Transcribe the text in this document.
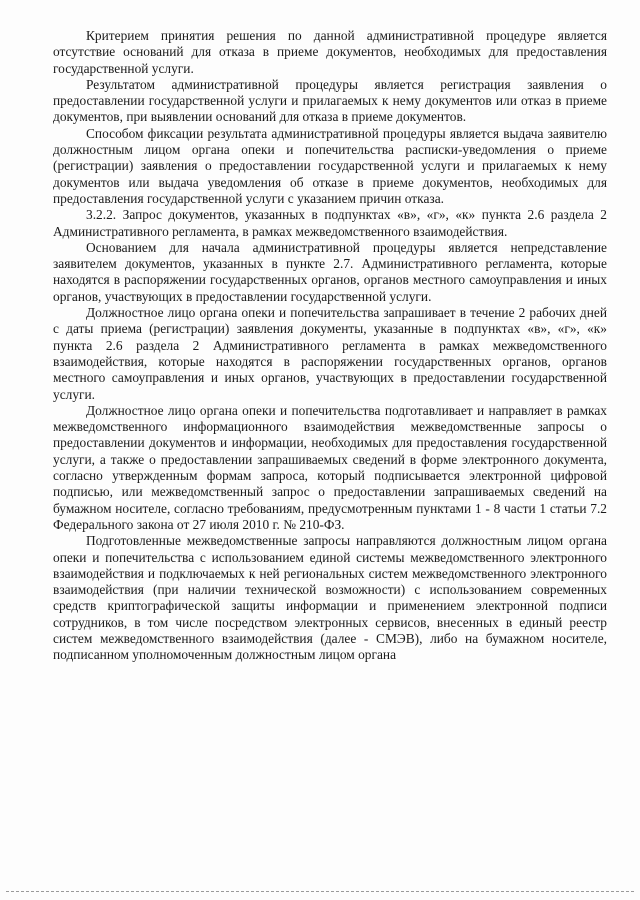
Критерием принятия решения по данной административной процедуре является отсутствие оснований для отказа в приеме документов, необходимых для предоставления государственной услуги.

Результатом административной процедуры является регистрация заявления о предоставлении государственной услуги и прилагаемых к нему документов или отказ в приеме документов, при выявлении оснований для отказа в приеме документов.

Способом фиксации результата административной процедуры является выдача заявителю должностным лицом органа опеки и попечительства расписки-уведомления о приеме (регистрации) заявления о предоставлении государственной услуги и прилагаемых к нему документов или выдача уведомления об отказе в приеме документов, необходимых для предоставления государственной услуги с указанием причин отказа.

3.2.2. Запрос документов, указанных в подпунктах «в», «г», «к» пункта 2.6 раздела 2 Административного регламента, в рамках межведомственного взаимодействия.

Основанием для начала административной процедуры является непредставление заявителем документов, указанных в пункте 2.7. Административного регламента, которые находятся в распоряжении государственных органов, органов местного самоуправления и иных органов, участвующих в предоставлении государственной услуги.

Должностное лицо органа опеки и попечительства запрашивает в течение 2 рабочих дней с даты приема (регистрации) заявления документы, указанные в подпунктах «в», «г», «к» пункта 2.6 раздела 2 Административного регламента в рамках межведомственного взаимодействия, которые находятся в распоряжении государственных органов, органов местного самоуправления и иных органов, участвующих в предоставлении государственной услуги.

Должностное лицо органа опеки и попечительства подготавливает и направляет в рамках межведомственного информационного взаимодействия межведомственные запросы о предоставлении документов и информации, необходимых для предоставления государственной услуги, а также о предоставлении запрашиваемых сведений в форме электронного документа, согласно утвержденным формам запроса, который подписывается электронной цифровой подписью, или межведомственный запрос о предоставлении запрашиваемых сведений на бумажном носителе, согласно требованиям, предусмотренным пунктами 1 - 8 части 1 статьи 7.2 Федерального закона от 27 июля 2010 г. № 210-ФЗ.

Подготовленные межведомственные запросы направляются должностным лицом органа опеки и попечительства с использованием единой системы межведомственного электронного взаимодействия и подключаемых к ней региональных систем межведомственного электронного взаимодействия (при наличии технической возможности) с использованием современных средств криптографической защиты информации и применением электронной подписи сотрудников, в том числе посредством электронных сервисов, внесенных в единый реестр систем межведомственного взаимодействия (далее - СМЭВ), либо на бумажном носителе, подписанном уполномоченным должностным лицом органа
